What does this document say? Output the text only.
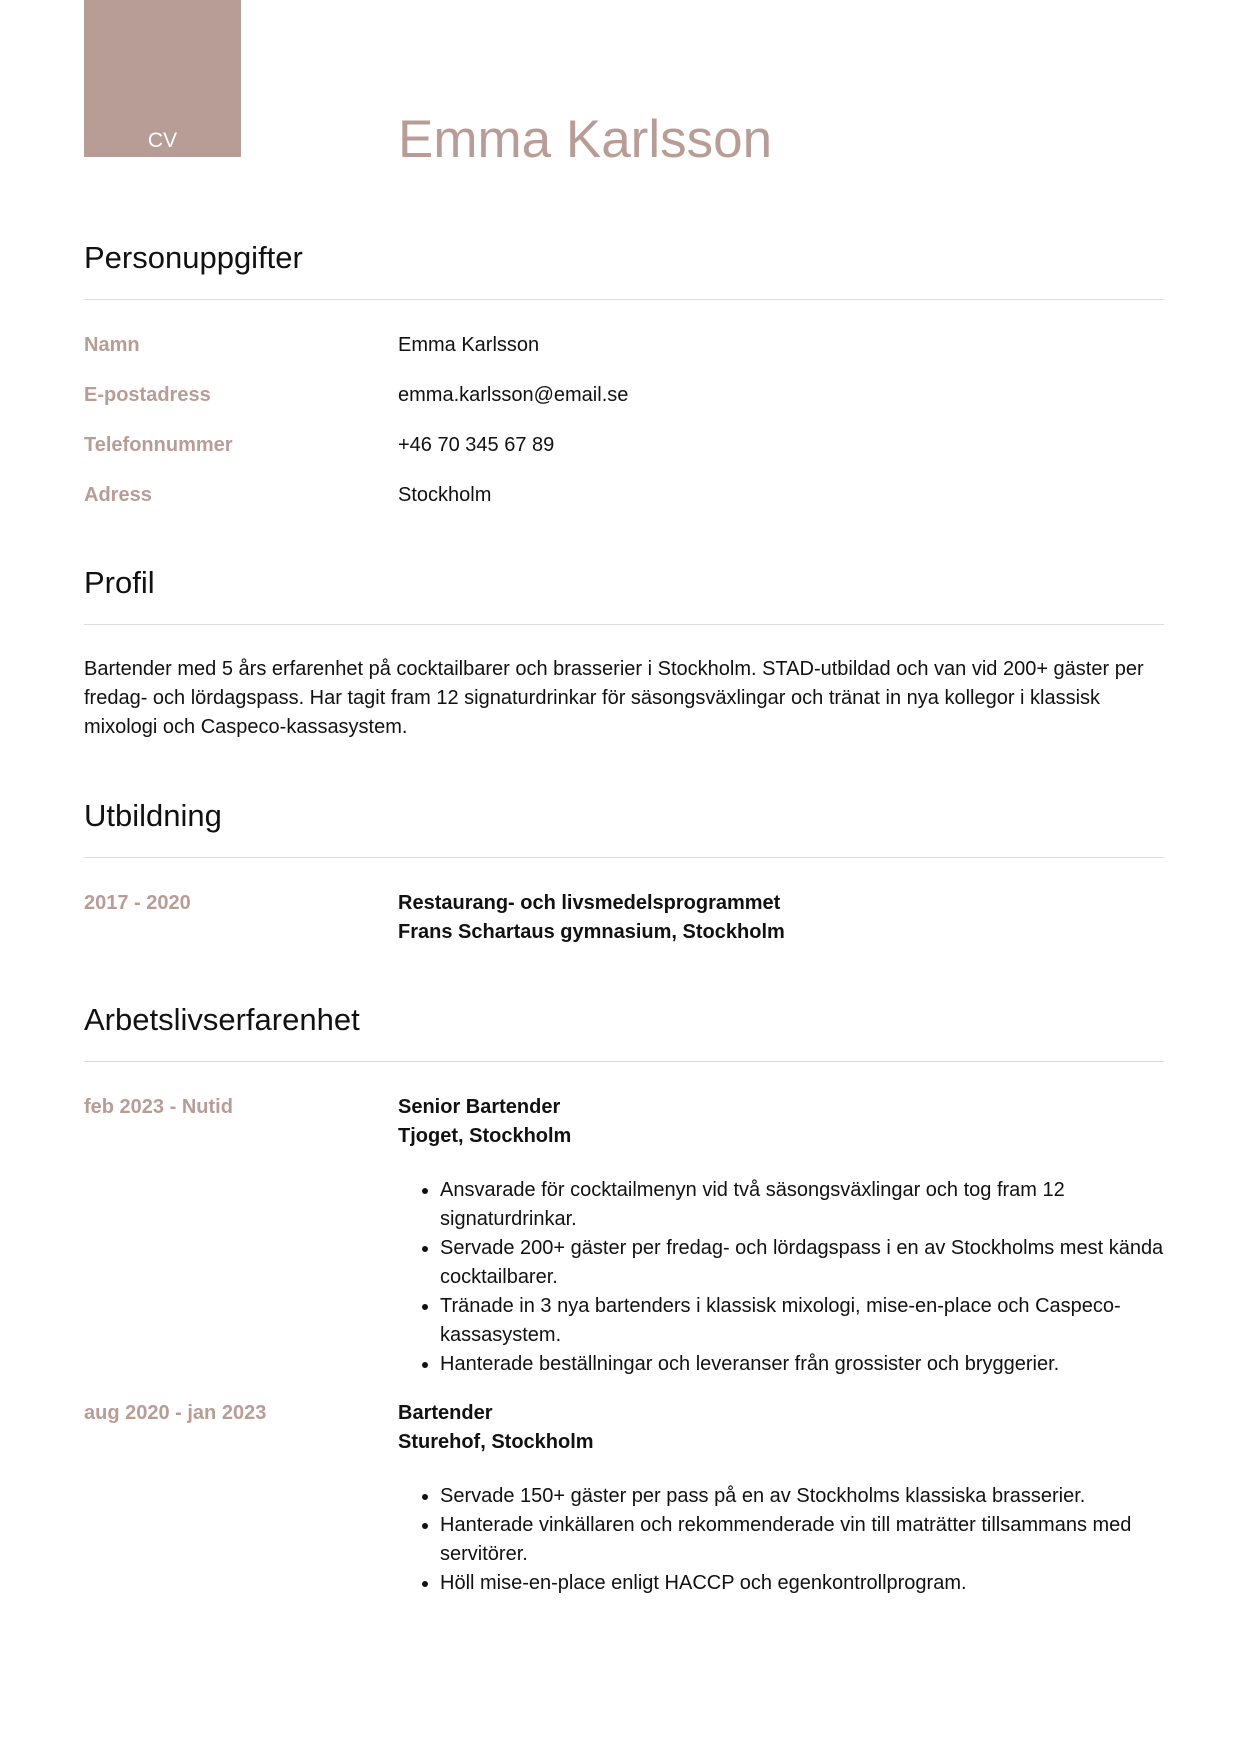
CV	Emma Karlsson
Personuppgifter
Namn	Emma Karlsson
E-postadress	emma.karlsson@email.se
Telefonnummer	+46 70 345 67 89
Adress	Stockholm
Profil
Bartender med 5 års erfarenhet på cocktailbarer och brasserier i Stockholm. STAD-utbildad och van vid 200+ gäster per fredag- och lördagspass. Har tagit fram 12 signaturdrinkar för säsongsväxlingar och tränat in nya kollegor i klassisk mixologi och Caspeco-kassasystem.
Utbildning
2017 - 2020	Restaurang- och livsmedelsprogrammet
Frans Schartaus gymnasium, Stockholm
Arbetslivserfarenhet
feb 2023 - Nutid	Senior Bartender
Tjoget, Stockholm
• Ansvarade för cocktailmenyn vid två säsongsväxlingar och tog fram 12 signaturdrinkar.
• Servade 200+ gäster per fredag- och lördagspass i en av Stockholms mest kända cocktailbarer.
• Tränade in 3 nya bartenders i klassisk mixologi, mise-en-place och Caspeco-kassasystem.
• Hanterade beställningar och leveranser från grossister och bryggerier.
aug 2020 - jan 2023	Bartender
Sturehof, Stockholm
• Servade 150+ gäster per pass på en av Stockholms klassiska brasserier.
• Hanterade vinkällaren och rekommenderade vin till maträtter tillsammans med servitörer.
• Höll mise-en-place enligt HACCP och egenkontrollprogram.
